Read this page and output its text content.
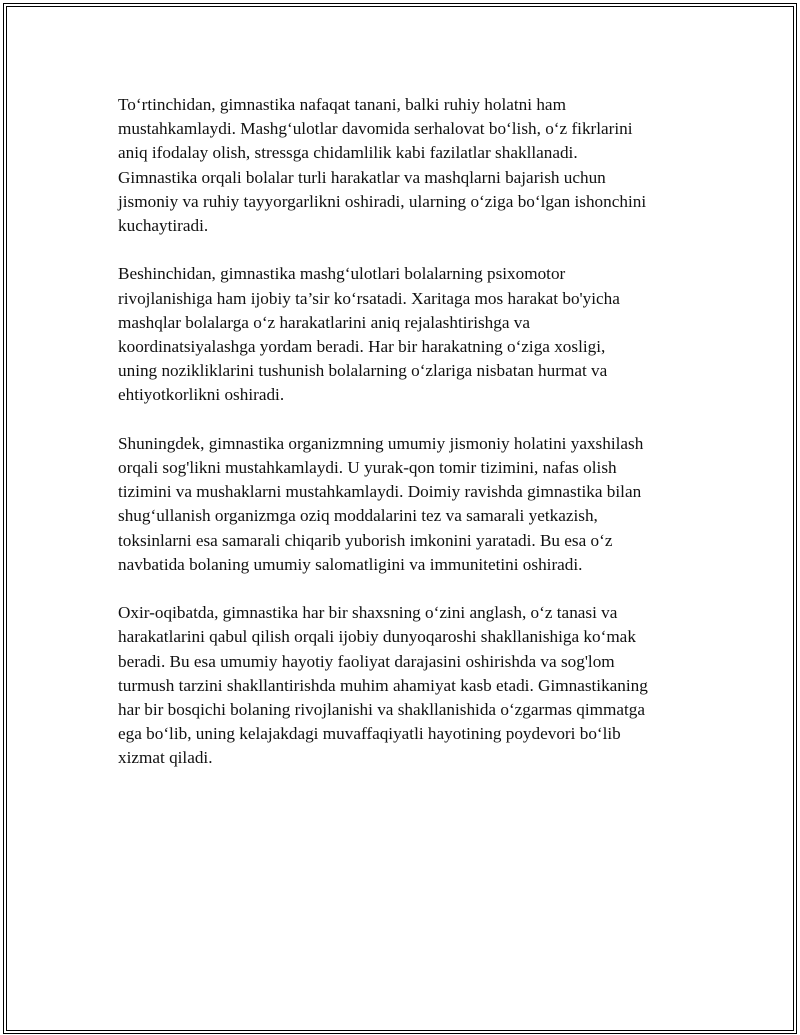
To‘rtinchidan, gimnastika nafaqat tanani, balki ruhiy holatni ham
mustahkamlaydi. Mashg‘ulotlar davomida serhalovat bo‘lish, o‘z fikrlarini
aniq ifodalay olish, stressga chidamlilik kabi fazilatlar shakllanadi.
Gimnastika orqali bolalar turli harakatlar va mashqlarni bajarish uchun
jismoniy va ruhiy tayyorgarlikni oshiradi, ularning o‘ziga bo‘lgan ishonchini
kuchaytiradi.

Beshinchidan, gimnastika mashg‘ulotlari bolalarning psixomotor
rivojlanishiga ham ijobiy ta’sir ko‘rsatadi. Xaritaga mos harakat bo'yicha
mashqlar bolalarga o‘z harakatlarini aniq rejalashtirishga va
koordinatsiyalashga yordam beradi. Har bir harakatning o‘ziga xosligi,
uning nozikliklarini tushunish bolalarning o‘zlariga nisbatan hurmat va
ehtiyotkorlikni oshiradi.

Shuningdek, gimnastika organizmning umumiy jismoniy holatini yaxshilash
orqali sog'likni mustahkamlaydi. U yurak-qon tomir tizimini, nafas olish
tizimini va mushaklarni mustahkamlaydi. Doimiy ravishda gimnastika bilan
shug‘ullanish organizmga oziq moddalarini tez va samarali yetkazish,
toksinlarni esa samarali chiqarib yuborish imkonini yaratadi. Bu esa o‘z
navbatida bolaning umumiy salomatligini va immunitetini oshiradi.

Oxir-oqibatda, gimnastika har bir shaxsning o‘zini anglash, o‘z tanasi va
harakatlarini qabul qilish orqali ijobiy dunyoqaroshi shakllanishiga ko‘mak
beradi. Bu esa umumiy hayotiy faoliyat darajasini oshirishda va sog'lom
turmush tarzini shakllantirishda muhim ahamiyat kasb etadi. Gimnastikaning
har bir bosqichi bolaning rivojlanishi va shakllanishida o‘zgarmas qimmatga
ega bo‘lib, uning kelajakdagi muvaffaqiyatli hayotining poydevori bo‘lib
xizmat qiladi.
